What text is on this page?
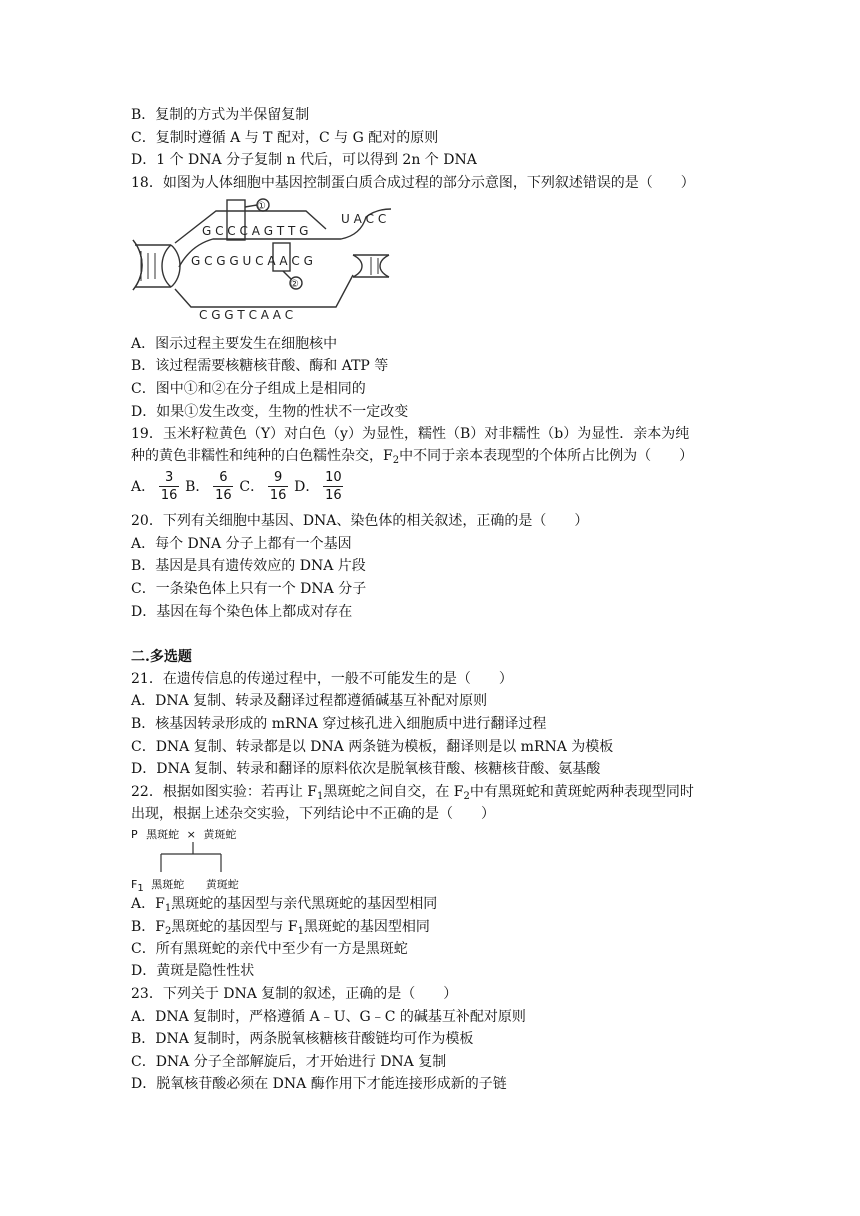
B．复制的方式为半保留复制
C．复制时遵循 A 与 T 配对，C 与 G 配对的原则
D．1 个 DNA 分子复制 n 代后，可以得到 2n 个 DNA
18．如图为人体细胞中基因控制蛋白质合成过程的部分示意图，下列叙述错误的是（　　）
G C C C A G T T G
U A C C
G C G G U C A A C G
C G G T C A A C
①
②
A．图示过程主要发生在细胞核中
B．该过程需要核糖核苷酸、酶和 ATP 等
C．图中①和②在分子组成上是相同的
D．如果①发生改变，生物的性状不一定改变
19．玉米籽粒黄色（Y）对白色（y）为显性，糯性（B）对非糯性（b）为显性．亲本为纯
种的黄色非糯性和纯种的白色糯性杂交，$F_2$中不同于亲本表现型的个体所占比例为（　　）
A． $\frac{3}{16}$ B． $\frac{6}{16}$ C． $\frac{9}{16}$ D． $\frac{10}{16}$
20．下列有关细胞中基因、DNA、染色体的相关叙述，正确的是（　　）
A．每个 DNA 分子上都有一个基因
B．基因是具有遗传效应的 DNA 片段
C．一条染色体上只有一个 DNA 分子
D．基因在每个染色体上都成对存在
二.多选题
21．在遗传信息的传递过程中，一般不可能发生的是（　　）
A．DNA 复制、转录及翻译过程都遵循碱基互补配对原则
B．核基因转录形成的 mRNA 穿过核孔进入细胞质中进行翻译过程
C．DNA 复制、转录都是以 DNA 两条链为模板，翻译则是以 mRNA 为模板
D．DNA 复制、转录和翻译的原料依次是脱氧核苷酸、核糖核苷酸、氨基酸
22．根据如图实验：若再让 $F_1$黑斑蛇之间自交，在 $F_2$中有黑斑蛇和黄斑蛇两种表现型同时
出现，根据上述杂交实验，下列结论中不正确的是（　　）
P 黑斑蛇 × 黄斑蛇
$F_1$ 黑斑蛇 黄斑蛇
A．$F_1$黑斑蛇的基因型与亲代黑斑蛇的基因型相同
B．$F_2$黑斑蛇的基因型与 $F_1$黑斑蛇的基因型相同
C．所有黑斑蛇的亲代中至少有一方是黑斑蛇
D．黄斑是隐性性状
23．下列关于 DNA 复制的叙述，正确的是（　　）
A．DNA 复制时，严格遵循 A﹣U、G﹣C 的碱基互补配对原则
B．DNA 复制时，两条脱氧核糖核苷酸链均可作为模板
C．DNA 分子全部解旋后，才开始进行 DNA 复制
D．脱氧核苷酸必须在 DNA 酶作用下才能连接形成新的子链
